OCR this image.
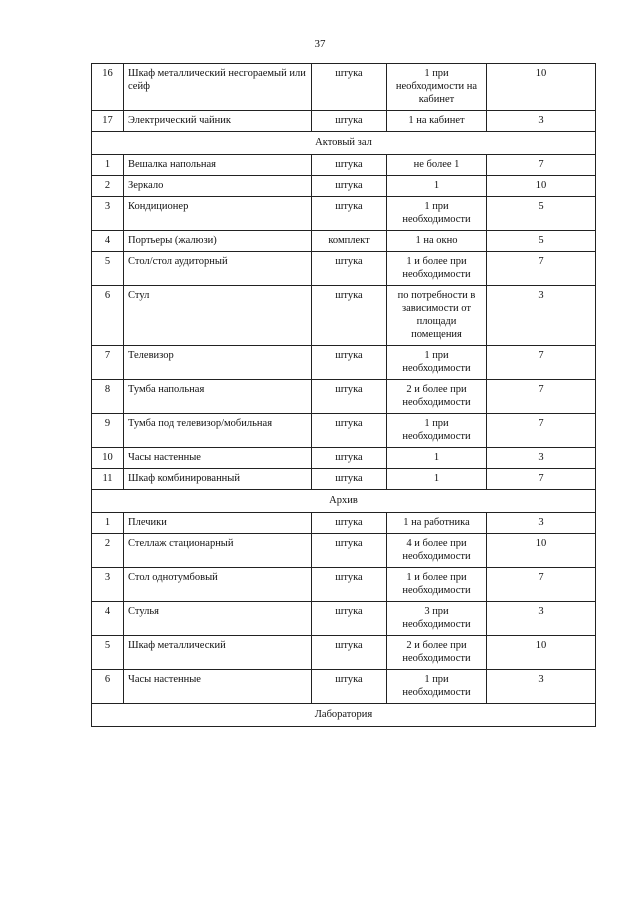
37
16	Шкаф металлический несгораемый или сейф	штука	1 при необходимости на кабинет	10
17	Электрический чайник	штука	1 на кабинет	3
Актовый зал				
1	Вешалка напольная	штука	не более 1	7
2	Зеркало	штука	1	10
3	Кондиционер	штука	1 при необходимости	5
4	Портьеры (жалюзи)	комплект	1 на окно	5
5	Стол/стол аудиторный	штука	1 и более при необходимости	7
6	Стул	штука	по потребности в зависимости от площади помещения	3
7	Телевизор	штука	1 при необходимости	7
8	Тумба напольная	штука	2 и более при необходимости	7
9	Тумба под телевизор/мобильная	штука	1 при необходимости	7
10	Часы настенные	штука	1	3
11	Шкаф комбинированный	штука	1	7
Архив				
1	Плечики	штука	1 на работника	3
2	Стеллаж стационарный	штука	4 и более при необходимости	10
3	Стол однотумбовый	штука	1 и более при необходимости	7
4	Стулья	штука	3 при необходимости	3
5	Шкаф металлический	штука	2 и более при необходимости	10
6	Часы настенные	штука	1 при необходимости	3
Лаборатория				
